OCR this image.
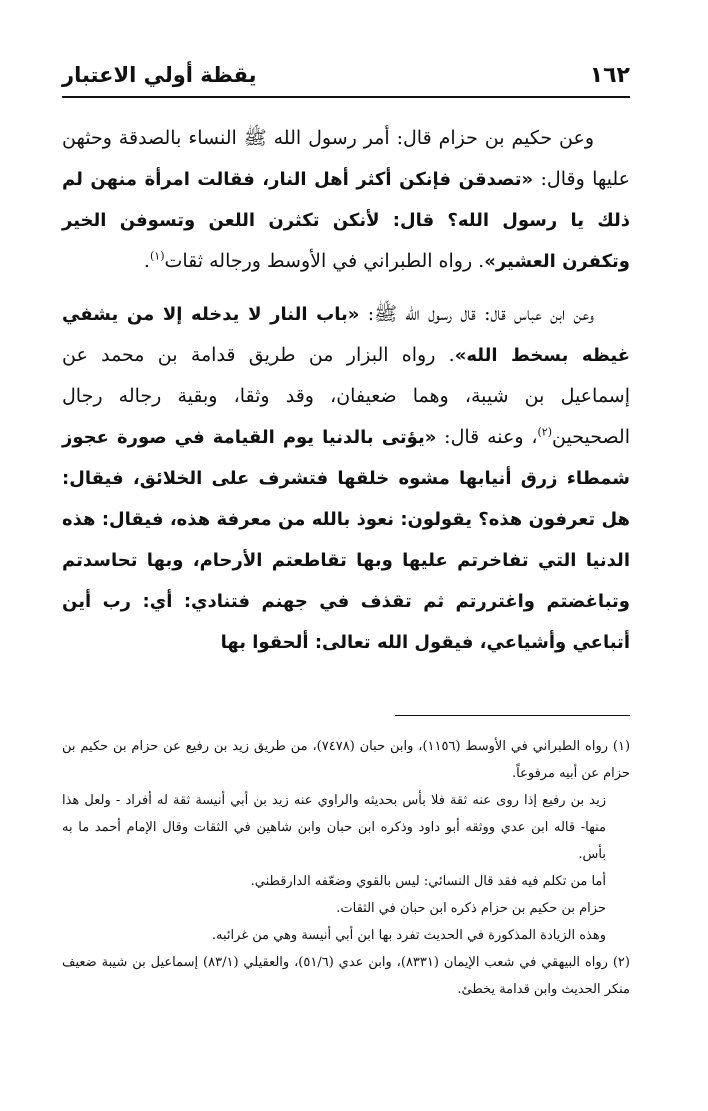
يقظة أولي الاعتبار	١٦٢

وعن حكيم بن حزام قال: أمر رسول الله ﷺ النساء بالصدقة وحثهن عليها وقال: «تصدقن فإنكن أكثر أهل النار، فقالت امرأة منهن لم ذلك يا رسول الله؟ قال: لأنكن تكثرن اللعن وتسوفن الخير وتكفرن العشير». رواه الطبراني في الأوسط ورجاله ثقات$^{(١)}$.

وعن ابن عباس قال: قال رسول الله ﷺ: «باب النار لا يدخله إلا من يشفي غيظه بسخط الله». رواه البزار من طريق قدامة بن محمد عن إسماعيل بن شيبة، وهما ضعيفان، وقد وثقا، وبقية رجاله رجال الصحيحين$^{(٢)}$، وعنه قال: «يؤتى بالدنيا يوم القيامة في صورة عجوز شمطاء زرق أنيابها مشوه خلقها فتشرف على الخلائق، فيقال: هل تعرفون هذه؟ يقولون: نعوذ بالله من معرفة هذه، فيقال: هذه الدنيا التي تفاخرتم عليها وبها تقاطعتم الأرحام، وبها تحاسدتم وتباغضتم واغتررتم ثم تقذف في جهنم فتنادي: أي: رب أين أتباعي وأشياعي، فيقول الله تعالى: ألحقوا بها

(١) رواه الطبراني في الأوسط (١١٥٦)، وابن حبان (٧٤٧٨)، من طريق زيد بن رفيع عن حزام بن حكيم بن حزام عن أبيه مرفوعاً.

زيد بن رفيع إذا روى عنه ثقة فلا بأس بحديثه والراوي عنه زيد بن أبي أنيسة ثقة له أفراد - ولعل هذا منها- قاله ابن عدي ووثقه أبو داود وذكره ابن حبان وابن شاهين في الثقات وقال الإمام أحمد ما به بأس.

أما من تكلم فيه فقد قال النسائي: ليس بالقوي وضعّفه الدارقطني.

حزام بن حكيم بن حزام ذكره ابن حبان في الثقات.

وهذه الزيادة المذكورة في الحديث تفرد بها ابن أبي أنيسة وهي من غرائبه.

(٢) رواه البيهقي في شعب الإيمان (٨٣٣١)، وابن عدي (٥١/٦)، والعقيلي (٨٣/١) إسماعيل بن شيبة ضعيف منكر الحديث وابن قدامة يخطئ.
